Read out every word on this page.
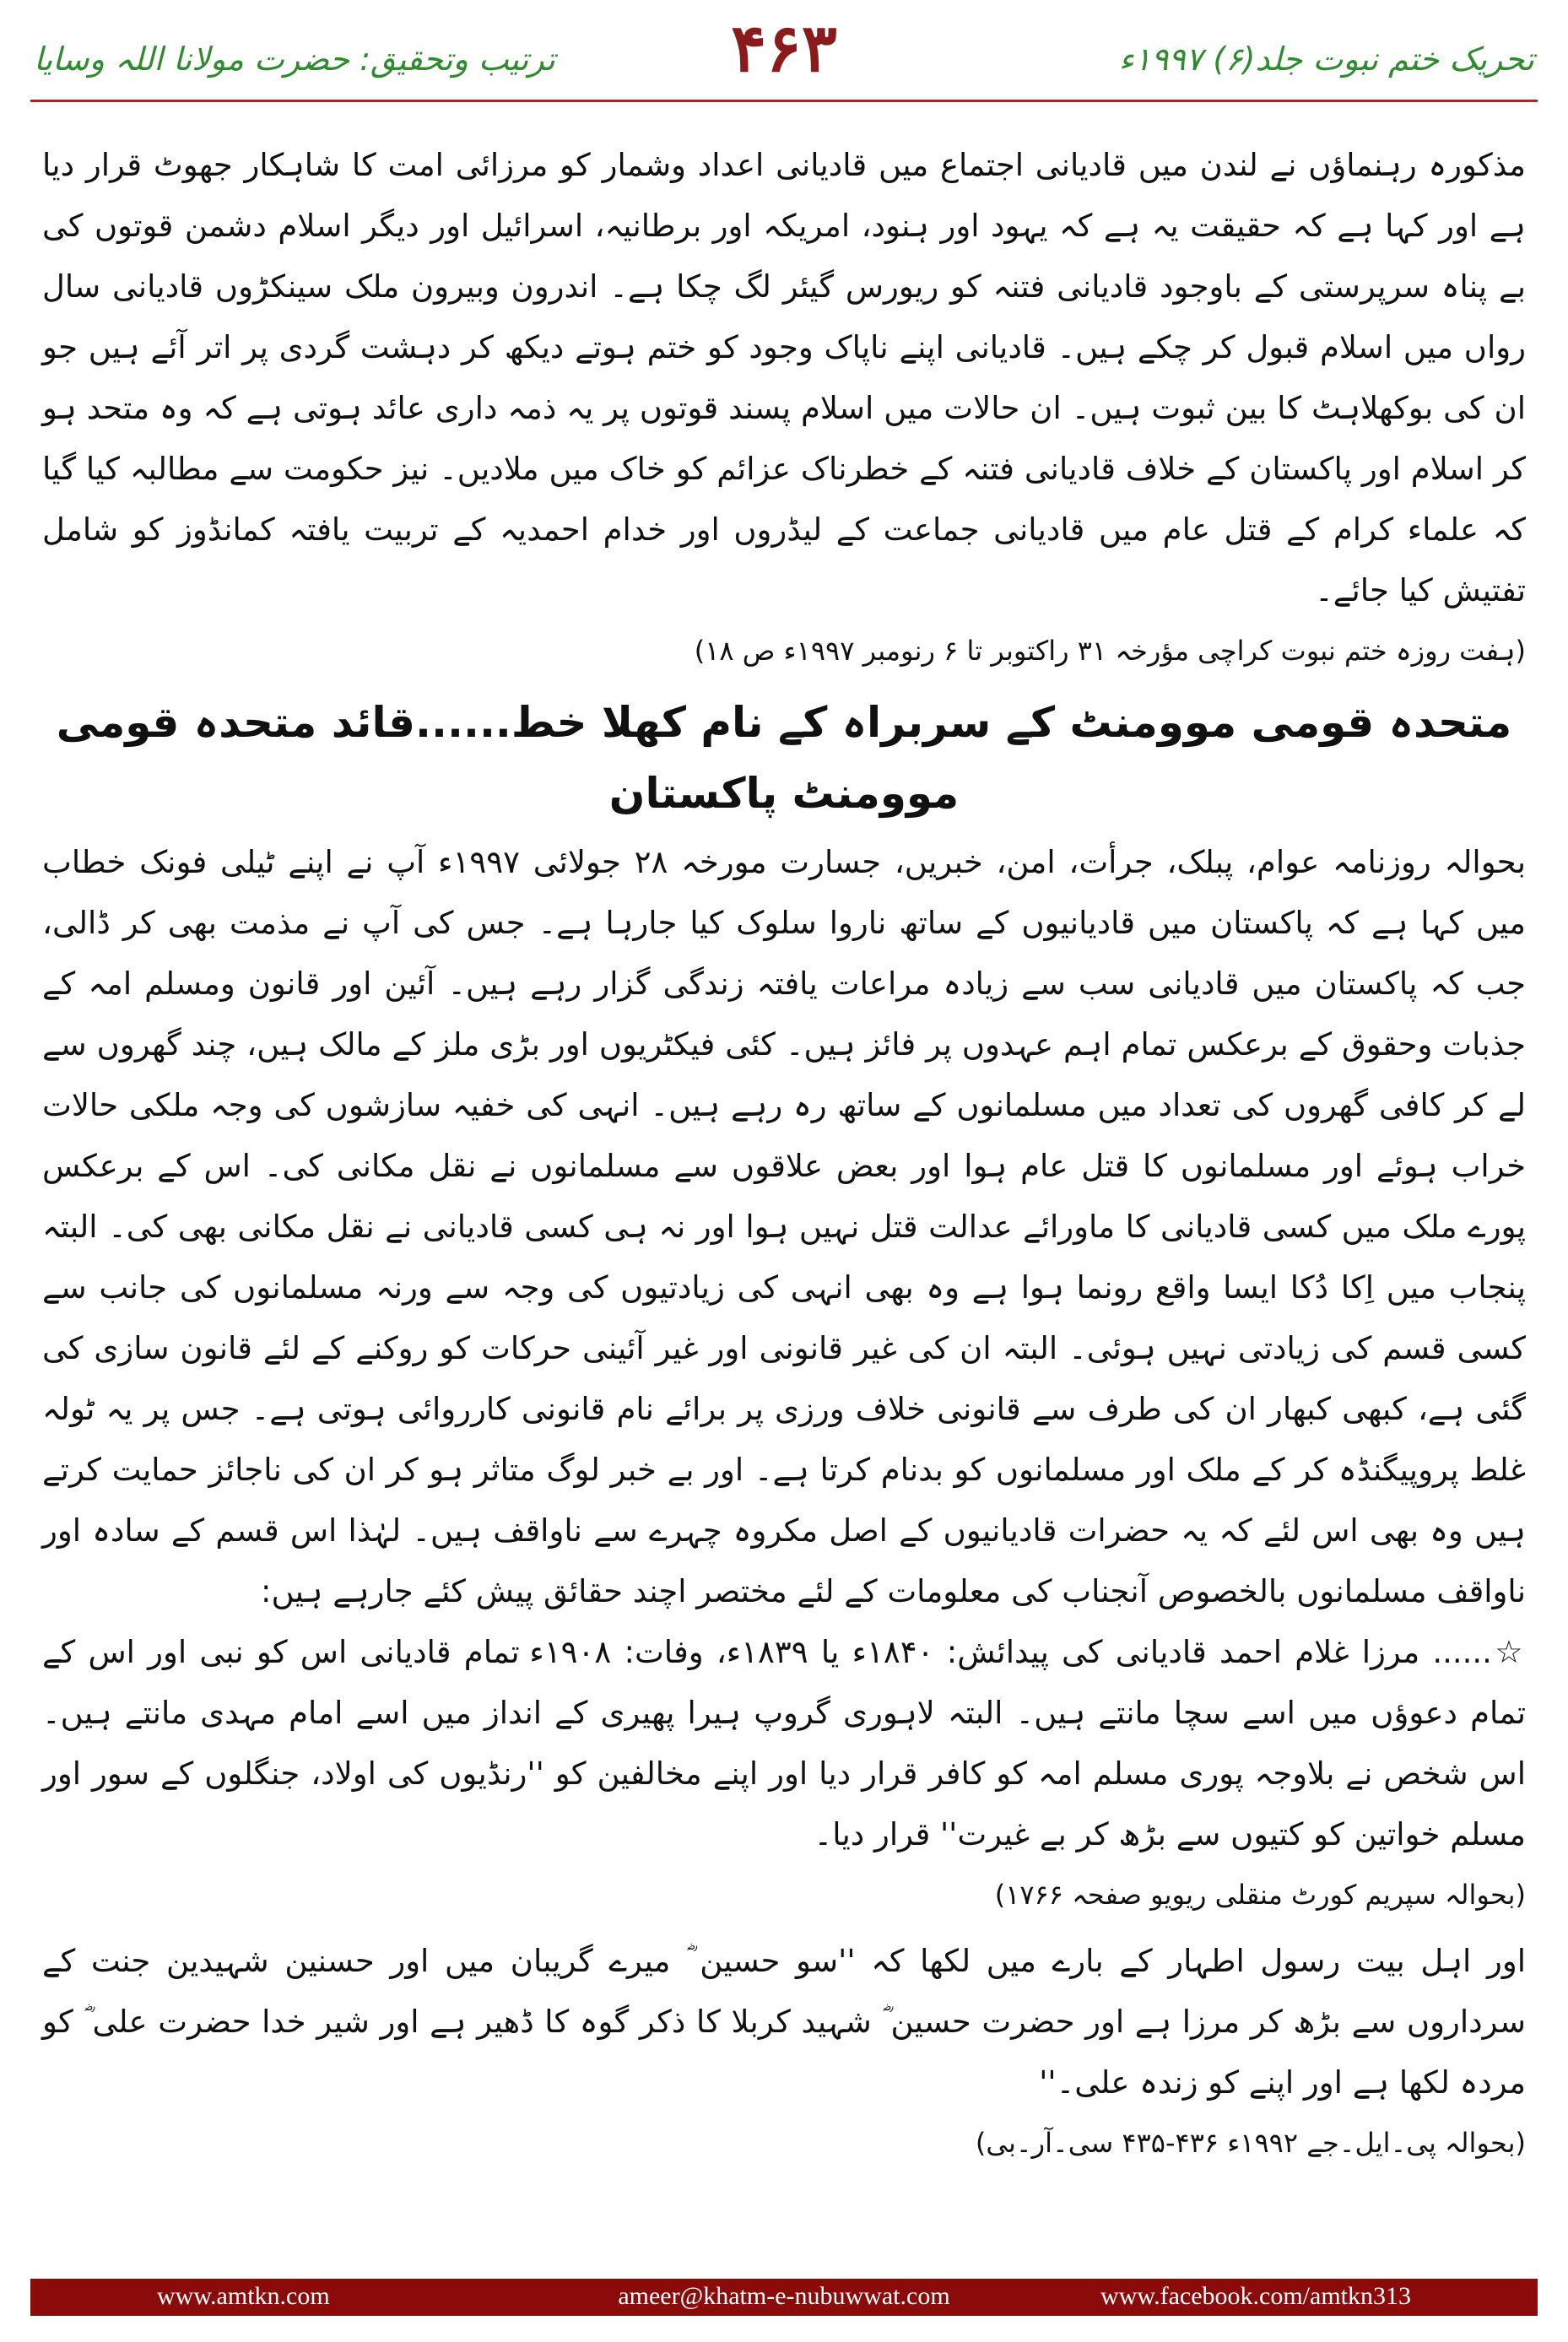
ترتیب وتحقیق: حضرت مولانا اللہ وسایا	۴۶۳	تحریک ختم نبوت جلد(۶) ۱۹۹۷ء

مذکورہ رہنماؤں نے لندن میں قادیانی اجتماع میں قادیانی اعداد وشمار کو مرزائی امت کا شاہکار جھوٹ قرار دیا ہے اور کہا ہے کہ حقیقت یہ ہے کہ یہود اور ہنود، امریکہ اور برطانیہ، اسرائیل اور دیگر اسلام دشمن قوتوں کی بے پناہ سرپرستی کے باوجود قادیانی فتنہ کو ریورس گیئر لگ چکا ہے۔ اندرون وبیرون ملک سینکڑوں قادیانی سال رواں میں اسلام قبول کر چکے ہیں۔ قادیانی اپنے ناپاک وجود کو ختم ہوتے دیکھ کر دہشت گردی پر اتر آئے ہیں جو ان کی بوکھلاہٹ کا بین ثبوت ہیں۔ ان حالات میں اسلام پسند قوتوں پر یہ ذمہ داری عائد ہوتی ہے کہ وہ متحد ہو کر اسلام اور پاکستان کے خلاف قادیانی فتنہ کے خطرناک عزائم کو خاک میں ملادیں۔ نیز حکومت سے مطالبہ کیا گیا کہ علماء کرام کے قتل عام میں قادیانی جماعت کے لیڈروں اور خدام احمدیہ کے تربیت یافتہ کمانڈوز کو شامل تفتیش کیا جائے۔

(ہفت روزہ ختم نبوت کراچی مؤرخہ ۳۱ راکتوبر تا ۶ رنومبر ۱۹۹۷ء ص ۱۸)

متحدہ قومی موومنٹ کے سربراہ کے نام کھلا خط......قائد متحدہ قومی موومنٹ پاکستان

بحوالہ روزنامہ عوام، پبلک، جرأت، امن، خبریں، جسارت مورخہ ۲۸ جولائی ۱۹۹۷ء آپ نے اپنے ٹیلی فونک خطاب میں کہا ہے کہ پاکستان میں قادیانیوں کے ساتھ ناروا سلوک کیا جارہا ہے۔ جس کی آپ نے مذمت بھی کر ڈالی، جب کہ پاکستان میں قادیانی سب سے زیادہ مراعات یافتہ زندگی گزار رہے ہیں۔ آئین اور قانون ومسلم امہ کے جذبات وحقوق کے برعکس تمام اہم عہدوں پر فائز ہیں۔ کئی فیکٹریوں اور بڑی ملز کے مالک ہیں، چند گھروں سے لے کر کافی گھروں کی تعداد میں مسلمانوں کے ساتھ رہ رہے ہیں۔ انہی کی خفیہ سازشوں کی وجہ ملکی حالات خراب ہوئے اور مسلمانوں کا قتل عام ہوا اور بعض علاقوں سے مسلمانوں نے نقل مکانی کی۔ اس کے برعکس پورے ملک میں کسی قادیانی کا ماورائے عدالت قتل نہیں ہوا اور نہ ہی کسی قادیانی نے نقل مکانی بھی کی۔ البتہ پنجاب میں اِکا دُکا ایسا واقع رونما ہوا ہے وہ بھی انہی کی زیادتیوں کی وجہ سے ورنہ مسلمانوں کی جانب سے کسی قسم کی زیادتی نہیں ہوئی۔ البتہ ان کی غیر قانونی اور غیر آئینی حرکات کو روکنے کے لئے قانون سازی کی گئی ہے، کبھی کبھار ان کی طرف سے قانونی خلاف ورزی پر برائے نام قانونی کارروائی ہوتی ہے۔ جس پر یہ ٹولہ غلط پروپیگنڈہ کر کے ملک اور مسلمانوں کو بدنام کرتا ہے۔ اور بے خبر لوگ متاثر ہو کر ان کی ناجائز حمایت کرتے ہیں وہ بھی اس لئے کہ یہ حضرات قادیانیوں کے اصل مکروہ چہرے سے ناواقف ہیں۔ لہٰذا اس قسم کے سادہ اور ناواقف مسلمانوں بالخصوص آنجناب کی معلومات کے لئے مختصر اچند حقائق پیش کئے جارہے ہیں:

☆...... مرزا غلام احمد قادیانی کی پیدائش: ۱۸۴۰ء یا ۱۸۳۹ء، وفات: ۱۹۰۸ء تمام قادیانی اس کو نبی اور اس کے تمام دعوؤں میں اسے سچا مانتے ہیں۔ البتہ لاہوری گروپ ہیرا پھیری کے انداز میں اسے امام مہدی مانتے ہیں۔ اس شخص نے بلاوجہ پوری مسلم امہ کو کافر قرار دیا اور اپنے مخالفین کو ''رنڈیوں کی اولاد، جنگلوں کے سور اور مسلم خواتین کو کتیوں سے بڑھ کر بے غیرت'' قرار دیا۔

(بحوالہ سپریم کورٹ منقلی ریویو صفحہ ۱۷۶۶)

اور اہل بیت رسول اطہار کے بارے میں لکھا کہ ''سو حسین ؓ میرے گریبان میں اور حسنین شہیدین جنت کے سرداروں سے بڑھ کر مرزا ہے اور حضرت حسین ؓ شہید کربلا کا ذکر گوہ کا ڈھیر ہے اور شیر خدا حضرت علی ؓ کو مردہ لکھا ہے اور اپنے کو زندہ علی۔''

(بحوالہ پی۔ایل۔جے ۱۹۹۲ء ۴۳۶-۴۳۵ سی۔آر۔بی)

ameer@khatm-e-nubuwwat.com
www.amtkn.com	www.facebook.com/amtkn313
